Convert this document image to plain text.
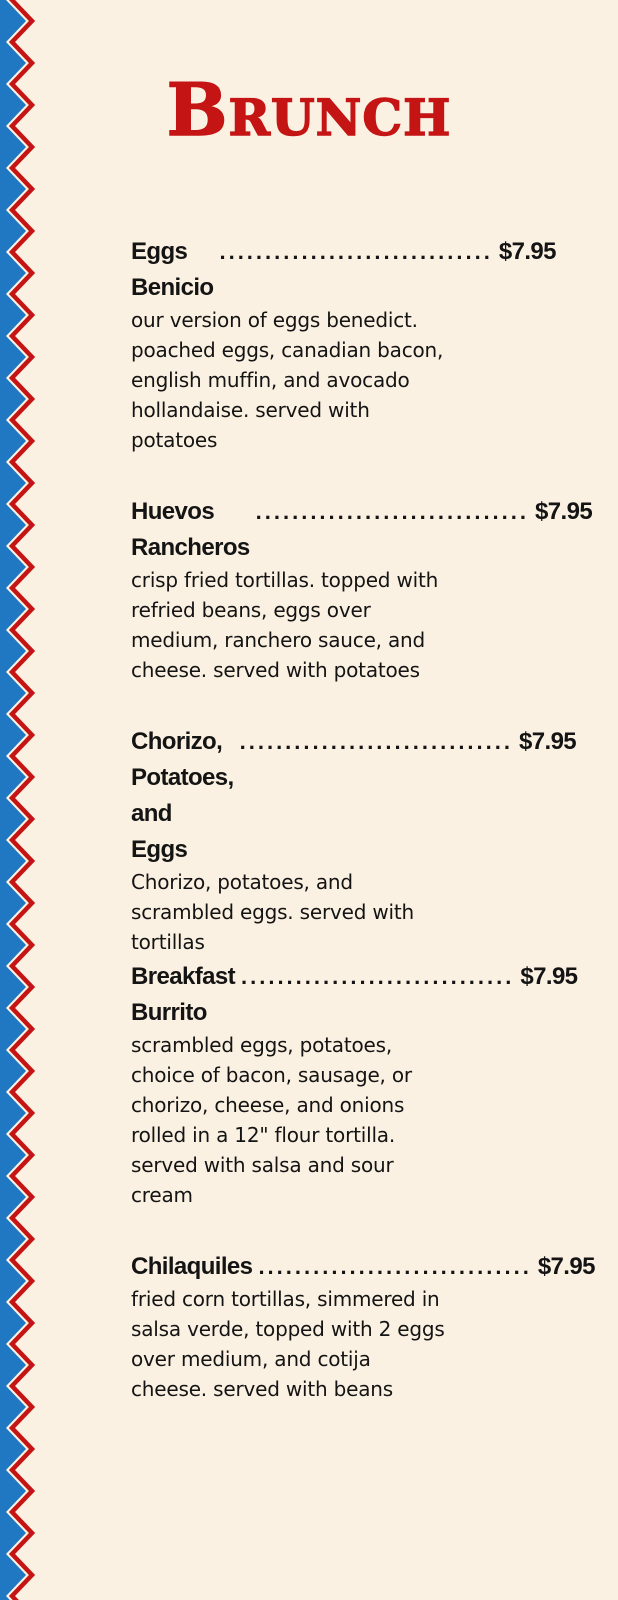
Brunch
Eggs Benicio
.............................. $7.95
our version of eggs benedict. poached eggs, canadian bacon, english muffin, and avocado hollandaise. served with potatoes
Huevos Rancheros
.............................. $7.95
crisp fried tortillas. topped with refried beans, eggs over medium, ranchero sauce, and cheese. served with potatoes
Chorizo, Potatoes, and Eggs
.............................. $7.95
Chorizo, potatoes, and scrambled eggs. served with tortillas
Breakfast Burrito
.............................. $7.95
scrambled eggs, potatoes, choice of bacon, sausage, or chorizo, cheese, and onions rolled in a 12" flour tortilla. served with salsa and sour cream
Chilaquiles .............................. $7.95
fried corn tortillas, simmered in salsa verde, topped with 2 eggs over medium, and cotija cheese. served with beans
